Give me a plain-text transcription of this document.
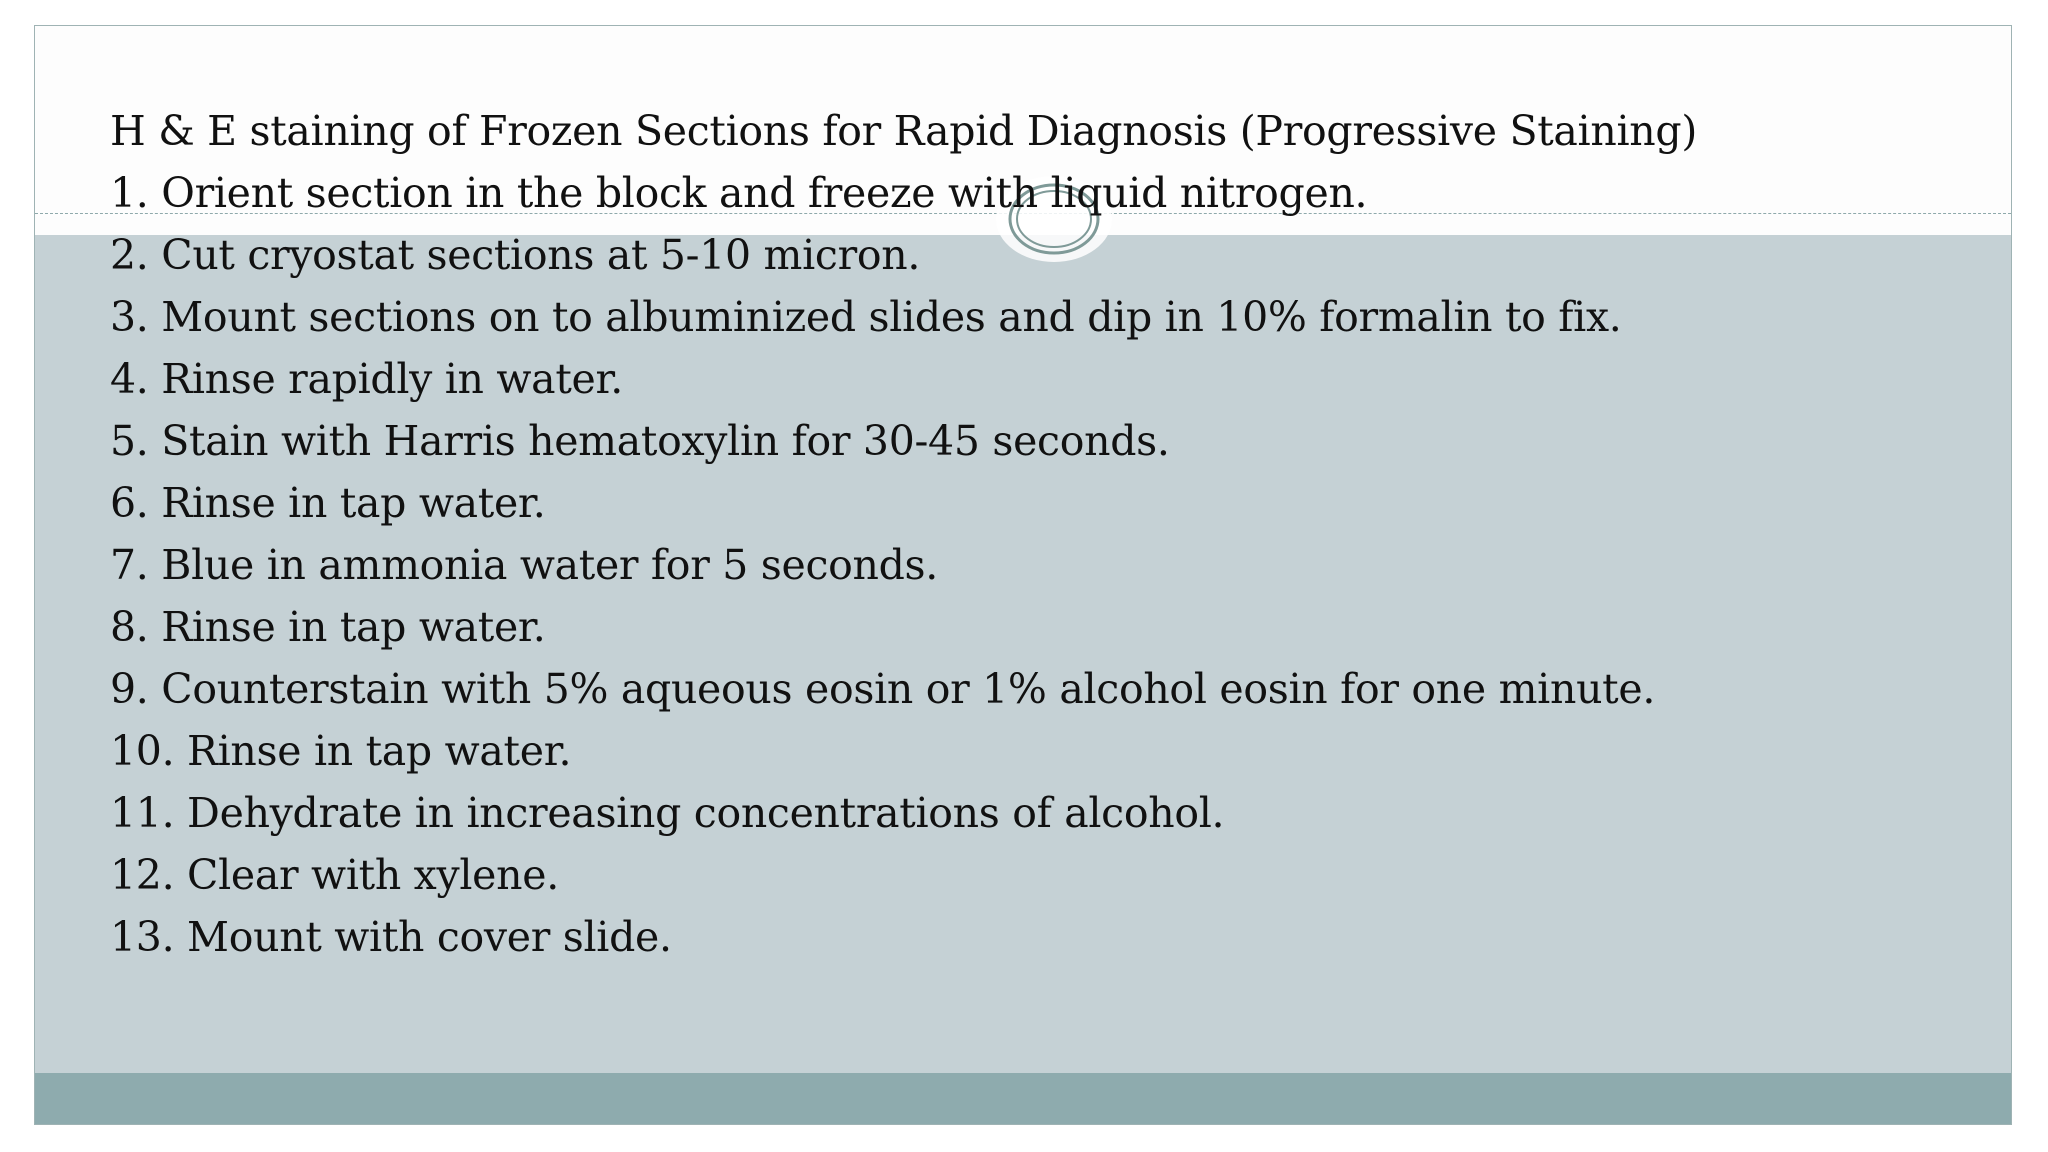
H & E staining of Frozen Sections for Rapid Diagnosis (Progressive Staining)
1. Orient section in the block and freeze with liquid nitrogen.
2. Cut cryostat sections at 5-10 micron.
3. Mount sections on to albuminized slides and dip in 10% formalin to fix.
4. Rinse rapidly in water.
5. Stain with Harris hematoxylin for 30-45 seconds.
6. Rinse in tap water.
7. Blue in ammonia water for 5 seconds.
8. Rinse in tap water.
9. Counterstain with 5% aqueous eosin or 1% alcohol eosin for one minute.
10. Rinse in tap water.
11. Dehydrate in increasing concentrations of alcohol.
12. Clear with xylene.
13. Mount with cover slide.
